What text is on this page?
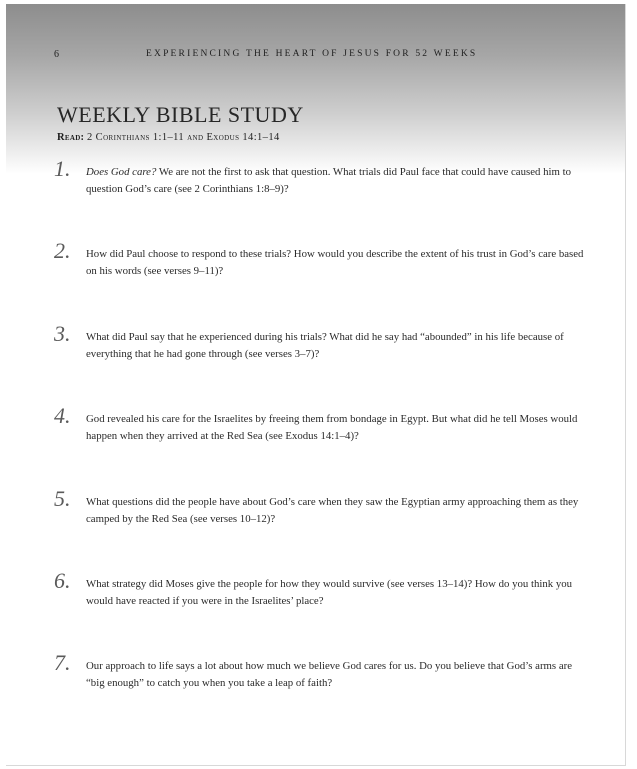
6	EXPERIENCING THE HEART OF JESUS FOR 52 WEEKS
WEEKLY BIBLE STUDY
Read: 2 Corinthians 1:1–11 and Exodus 14:1–14
1. Does God care? We are not the first to ask that question. What trials did Paul face that could have caused him to question God’s care (see 2 Corinthians 1:8–9)?
2. How did Paul choose to respond to these trials? How would you describe the extent of his trust in God’s care based on his words (see verses 9–11)?
3. What did Paul say that he experienced during his trials? What did he say had “abounded” in his life because of everything that he had gone through (see verses 3–7)?
4. God revealed his care for the Israelites by freeing them from bondage in Egypt. But what did he tell Moses would happen when they arrived at the Red Sea (see Exodus 14:1–4)?
5. What questions did the people have about God’s care when they saw the Egyptian army approaching them as they camped by the Red Sea (see verses 10–12)?
6. What strategy did Moses give the people for how they would survive (see verses 13–14)? How do you think you would have reacted if you were in the Israelites’ place?
7. Our approach to life says a lot about how much we believe God cares for us. Do you believe that God’s arms are “big enough” to catch you when you take a leap of faith?
